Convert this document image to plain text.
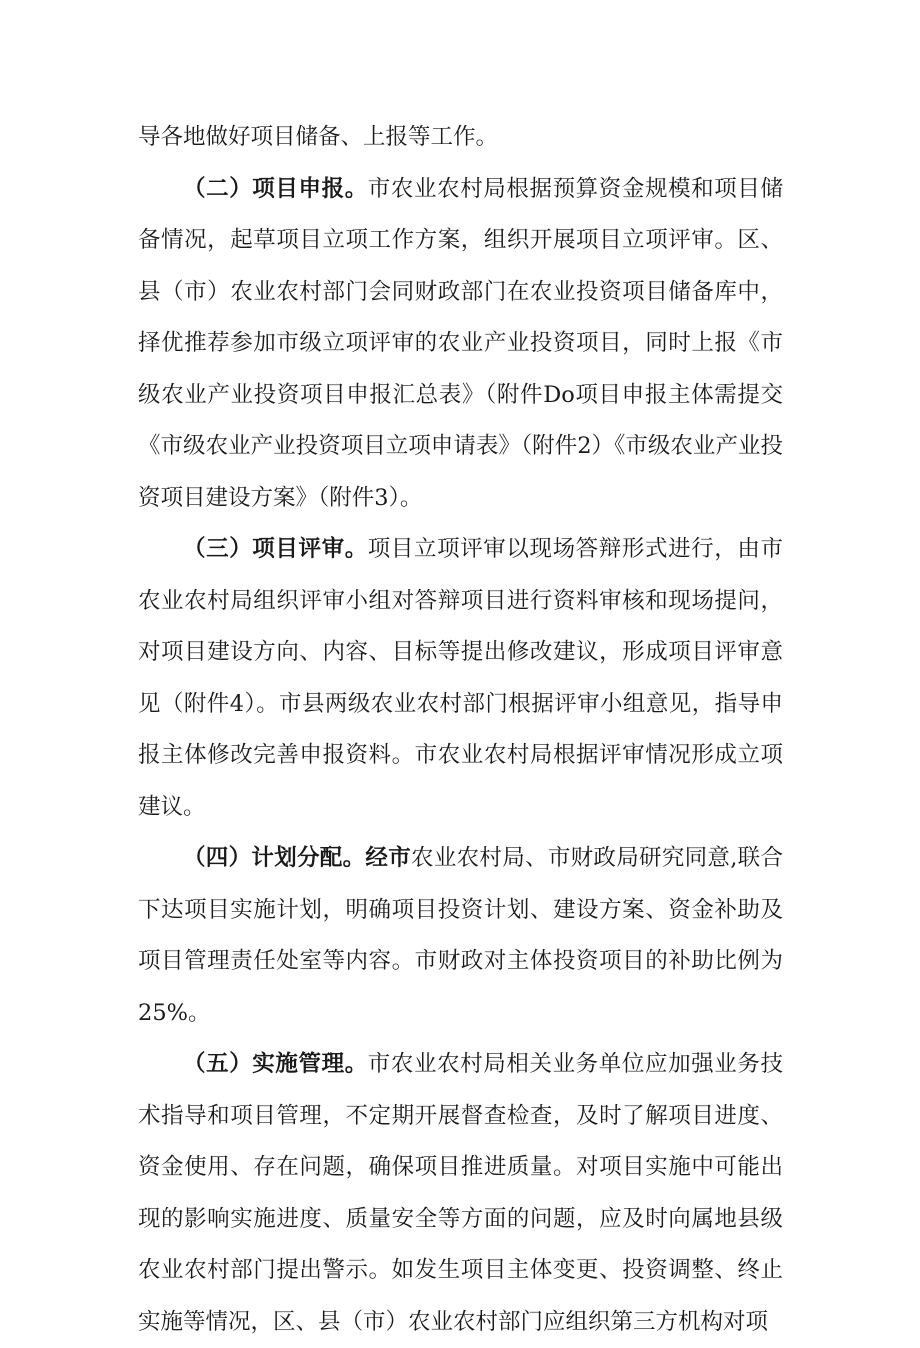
导各地做好项目储备、上报等工作。

（二）项目申报。市农业农村局根据预算资金规模和项目储备情况，起草项目立项工作方案，组织开展项目立项评审。区、县（市）农业农村部门会同财政部门在农业投资项目储备库中，择优推荐参加市级立项评审的农业产业投资项目，同时上报《市级农业产业投资项目申报汇总表》（附件Do项目申报主体需提交《市级农业产业投资项目立项申请表》（附件2）《市级农业产业投资项目建设方案》（附件3）。

（三）项目评审。项目立项评审以现场答辩形式进行，由市农业农村局组织评审小组对答辩项目进行资料审核和现场提问，对项目建设方向、内容、目标等提出修改建议，形成项目评审意见（附件4）。市县两级农业农村部门根据评审小组意见，指导申报主体修改完善申报资料。市农业农村局根据评审情况形成立项建议。

（四）计划分配。经市农业农村局、市财政局研究同意,联合下达项目实施计划，明确项目投资计划、建设方案、资金补助及项目管理责任处室等内容。市财政对主体投资项目的补助比例为25%。

（五）实施管理。市农业农村局相关业务单位应加强业务技术指导和项目管理，不定期开展督查检查，及时了解项目进度、资金使用、存在问题，确保项目推进质量。对项目实施中可能出现的影响实施进度、质量安全等方面的问题，应及时向属地县级农业农村部门提出警示。如发生项目主体变更、投资调整、终止实施等情况，区、县（市）农业农村部门应组织第三方机构对项
